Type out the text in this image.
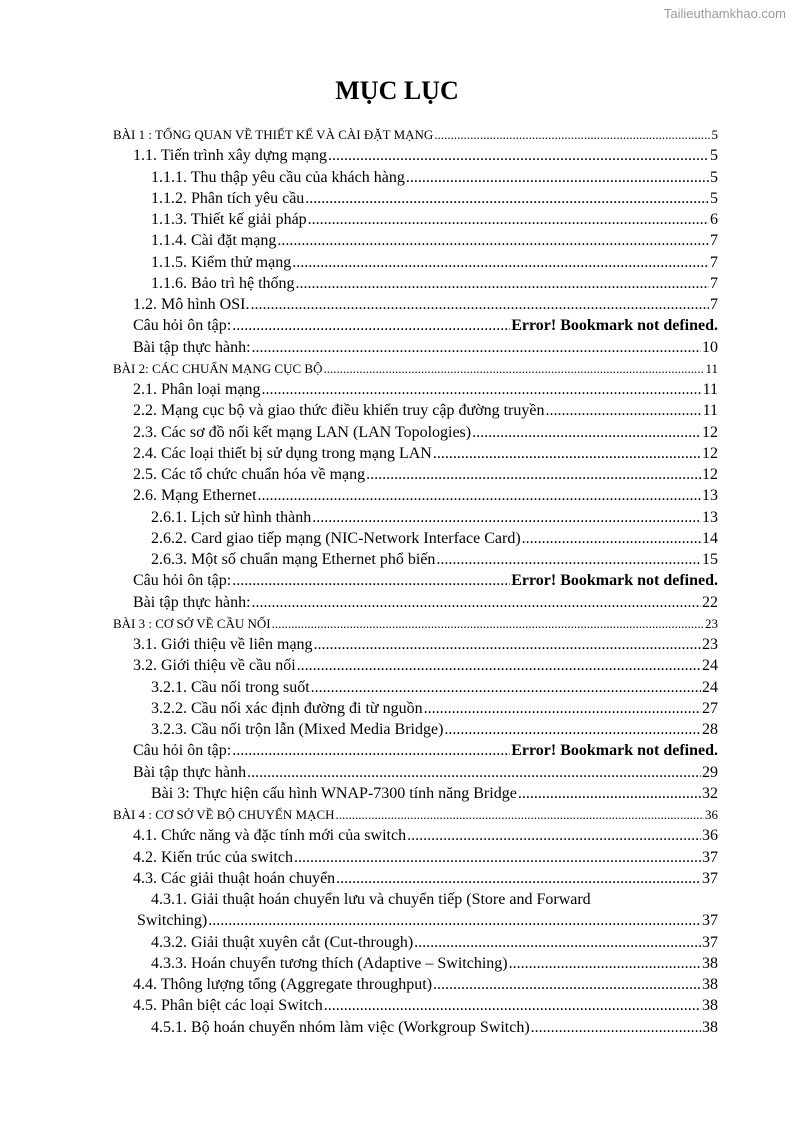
Tailieuthamkhao.com
MỤC LỤC
BÀI 1 : TỔNG QUAN VỀ THIẾT KẾ VÀ CÀI ĐẶT MẠNG .....	5
1.1. Tiến trình xây dựng mạng .....	5
1.1.1. Thu thập yêu cầu của khách hàng .....	5
1.1.2. Phân tích yêu cầu .....	5
1.1.3. Thiết kế giải pháp .....	6
1.1.4. Cài đặt mạng .....	7
1.1.5. Kiểm thử mạng .....	7
1.1.6. Bảo trì hệ thống .....	7
1.2. Mô hình OSI. .....	7
Câu hỏi ôn tập: .....	Error! Bookmark not defined.
Bài tập thực hành: .....	10
BÀI 2: CÁC CHUẨN MẠNG CỤC BỘ .....	11
2.1. Phân loại mạng .....	11
2.2. Mạng cục bộ và giao thức điều khiển truy cập đường truyền .....	11
2.3. Các sơ đồ nối kết mạng LAN (LAN Topologies) .....	12
2.4. Các loại thiết bị sử dụng trong mạng LAN .....	12
2.5. Các tổ chức chuẩn hóa về mạng .....	12
2.6. Mạng Ethernet .....	13
2.6.1. Lịch sử hình thành .....	13
2.6.2. Card giao tiếp mạng (NIC-Network Interface Card) .....	14
2.6.3. Một số chuẩn mạng Ethernet phổ biến .....	15
Câu hỏi ôn tập: .....	Error! Bookmark not defined.
Bài tập thực hành: .....	22
BÀI 3 : CƠ SỞ VỀ CẦU NỐI .....	23
3.1. Giới thiệu về liên mạng .....	23
3.2. Giới thiệu về cầu nối .....	24
3.2.1. Cầu nối trong suốt .....	24
3.2.2. Cầu nối xác định đường đi từ nguồn .....	27
3.2.3. Cầu nối trộn lẫn (Mixed Media Bridge) .....	28
Câu hỏi ôn tập: .....	Error! Bookmark not defined.
Bài tập thực hành .....	29
Bài 3: Thực hiện cấu hình WNAP-7300 tính năng Bridge .....	32
BÀI 4 : CƠ SỞ VỀ BỘ CHUYỂN MẠCH .....	36
4.1. Chức năng và đặc tính mới của switch .....	36
4.2. Kiến trúc của switch .....	37
4.3. Các giải thuật hoán chuyển .....	37
4.3.1. Giải thuật hoán chuyển lưu và chuyển tiếp (Store and Forward
Switching) .....	37
4.3.2. Giải thuật xuyên cắt (Cut-through) .....	37
4.3.3. Hoán chuyển tương thích (Adaptive – Switching) .....	38
4.4. Thông lượng tổng (Aggregate throughput) .....	38
4.5. Phân biệt các loại Switch .....	38
4.5.1. Bộ hoán chuyển nhóm làm việc (Workgroup Switch) .....	38
